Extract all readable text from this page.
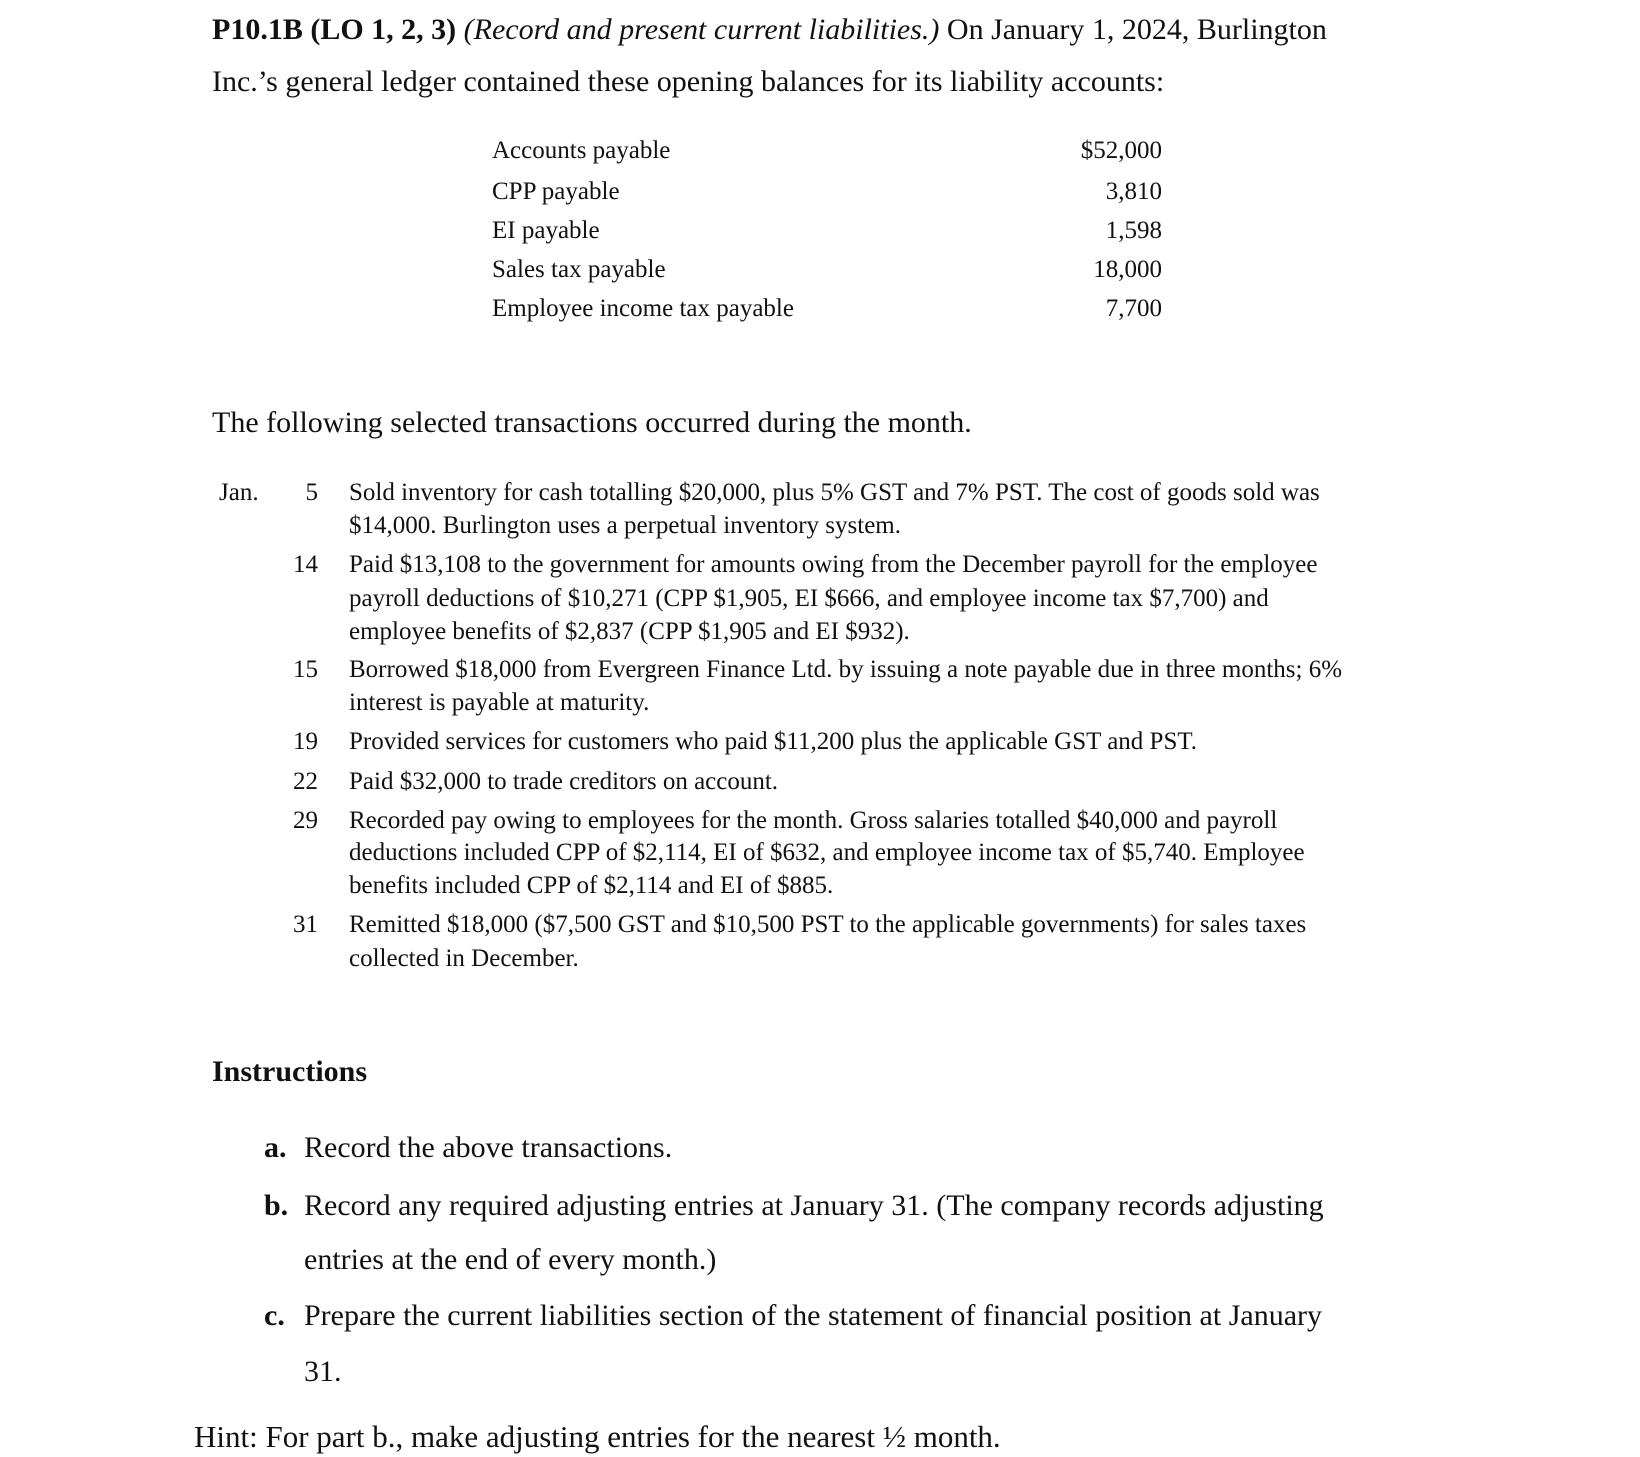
P10.1B (LO 1, 2, 3) (Record and present current liabilities.) On January 1, 2024, Burlington
Inc.’s general ledger contained these opening balances for its liability accounts:
Accounts payable	$52,000
CPP payable	3,810
EI payable	1,598
Sales tax payable	18,000
Employee income tax payable	7,700
The following selected transactions occurred during the month.
Jan.	5 Sold inventory for cash totalling $20,000, plus 5% GST and 7% PST. The cost of goods sold was
$14,000. Burlington uses a perpetual inventory system.
14 Paid $13,108 to the government for amounts owing from the December payroll for the employee
payroll deductions of $10,271 (CPP $1,905, EI $666, and employee income tax $7,700) and
employee benefits of $2,837 (CPP $1,905 and EI $932).
15 Borrowed $18,000 from Evergreen Finance Ltd. by issuing a note payable due in three months; 6%
interest is payable at maturity.
19 Provided services for customers who paid $11,200 plus the applicable GST and PST.
22 Paid $32,000 to trade creditors on account.
29 Recorded pay owing to employees for the month. Gross salaries totalled $40,000 and payroll
deductions included CPP of $2,114, EI of $632, and employee income tax of $5,740. Employee
benefits included CPP of $2,114 and EI of $885.
31 Remitted $18,000 ($7,500 GST and $10,500 PST to the applicable governments) for sales taxes
collected in December.
Instructions
a. Record the above transactions.
b. Record any required adjusting entries at January 31. (The company records adjusting
entries at the end of every month.)
c. Prepare the current liabilities section of the statement of financial position at January
31.
Hint: For part b., make adjusting entries for the nearest ½ month.
